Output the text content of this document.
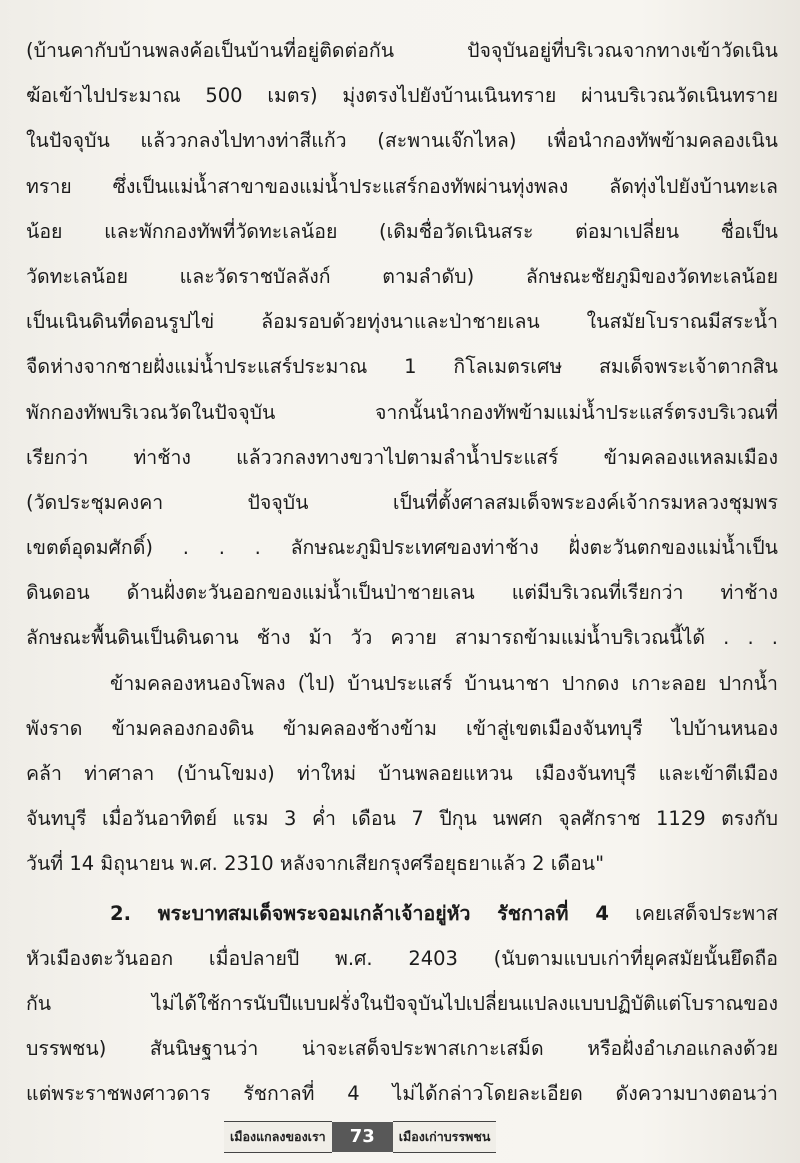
(บ้านคากับบ้านพลงค้อเป็นบ้านที่อยู่ติดต่อกัน ปัจจุบันอยู่ที่บริเวณจากทางเข้าวัดเนิน
ฆ้อเข้าไปประมาณ 500 เมตร) มุ่งตรงไปยังบ้านเนินทราย ผ่านบริเวณวัดเนินทราย
ในปัจจุบัน แล้ววกลงไปทางท่าสีแก้ว (สะพานเจ๊กไหล) เพื่อนำกองทัพข้ามคลองเนิน
ทราย ซึ่งเป็นแม่น้ำสาขาของแม่น้ำประแสร์กองทัพผ่านทุ่งพลง ลัดทุ่งไปยังบ้านทะเล
น้อย และพักกองทัพที่วัดทะเลน้อย (เดิมชื่อวัดเนินสระ ต่อมาเปลี่ยน ชื่อเป็น
วัดทะเลน้อย และวัดราชบัลลังก์ ตามลำดับ) ลักษณะชัยภูมิของวัดทะเลน้อย
เป็นเนินดินที่ดอนรูปไข่ ล้อมรอบด้วยทุ่งนาและป่าชายเลน ในสมัยโบราณมีสระน้ำ
จืดห่างจากชายฝั่งแม่น้ำประแสร์ประมาณ 1 กิโลเมตรเศษ สมเด็จพระเจ้าตากสิน
พักกองทัพบริเวณวัดในปัจจุบัน จากนั้นนำกองทัพข้ามแม่น้ำประแสร์ตรงบริเวณที่
เรียกว่า ท่าช้าง แล้ววกลงทางขวาไปตามลำน้ำประแสร์ ข้ามคลองแหลมเมือง
(วัดประชุมคงคา ปัจจุบัน เป็นที่ตั้งศาลสมเด็จพระองค์เจ้ากรมหลวงชุมพร
เขตต์อุดมศักดิ์) . . . ลักษณะภูมิประเทศของท่าช้าง ฝั่งตะวันตกของแม่น้ำเป็น
ดินดอน ด้านฝั่งตะวันออกของแม่น้ำเป็นป่าชายเลน แต่มีบริเวณที่เรียกว่า ท่าช้าง
ลักษณะพื้นดินเป็นดินดาน ช้าง ม้า วัว ควาย สามารถข้ามแม่น้ำบริเวณนี้ได้ . . .
ข้ามคลองหนองโพลง (ไป) บ้านประแสร์ บ้านนาชา ปากดง เกาะลอย ปากน้ำ
พังราด ข้ามคลองกองดิน ข้ามคลองช้างข้าม เข้าสู่เขตเมืองจันทบุรี ไปบ้านหนอง
คล้า ท่าศาลา (บ้านโขมง) ท่าใหม่ บ้านพลอยแหวน เมืองจันทบุรี และเข้าตีเมือง
จันทบุรี เมื่อวันอาทิตย์ แรม 3 ค่ำ เดือน 7 ปีกุน นพศก จุลศักราช 1129 ตรงกับ
วันที่ 14 มิถุนายน พ.ศ. 2310 หลังจากเสียกรุงศรีอยุธยาแล้ว 2 เดือน"
2. พระบาทสมเด็จพระจอมเกล้าเจ้าอยู่หัว รัชกาลที่ 4 เคยเสด็จประพาส
หัวเมืองตะวันออก เมื่อปลายปี พ.ศ. 2403 (นับตามแบบเก่าที่ยุคสมัยนั้นยึดถือ
กัน ไม่ได้ใช้การนับปีแบบฝรั่งในปัจจุบันไปเปลี่ยนแปลงแบบปฏิบัติแต่โบราณของ
บรรพชน) สันนิษฐานว่า น่าจะเสด็จประพาสเกาะเสม็ด หรือฝั่งอำเภอแกลงด้วย
แต่พระราชพงศาวดาร รัชกาลที่ 4 ไม่ได้กล่าวโดยละเอียด ดังความบางตอนว่า
เมืองแกลงของเรา	73	เมืองเก่าบรรพชน
